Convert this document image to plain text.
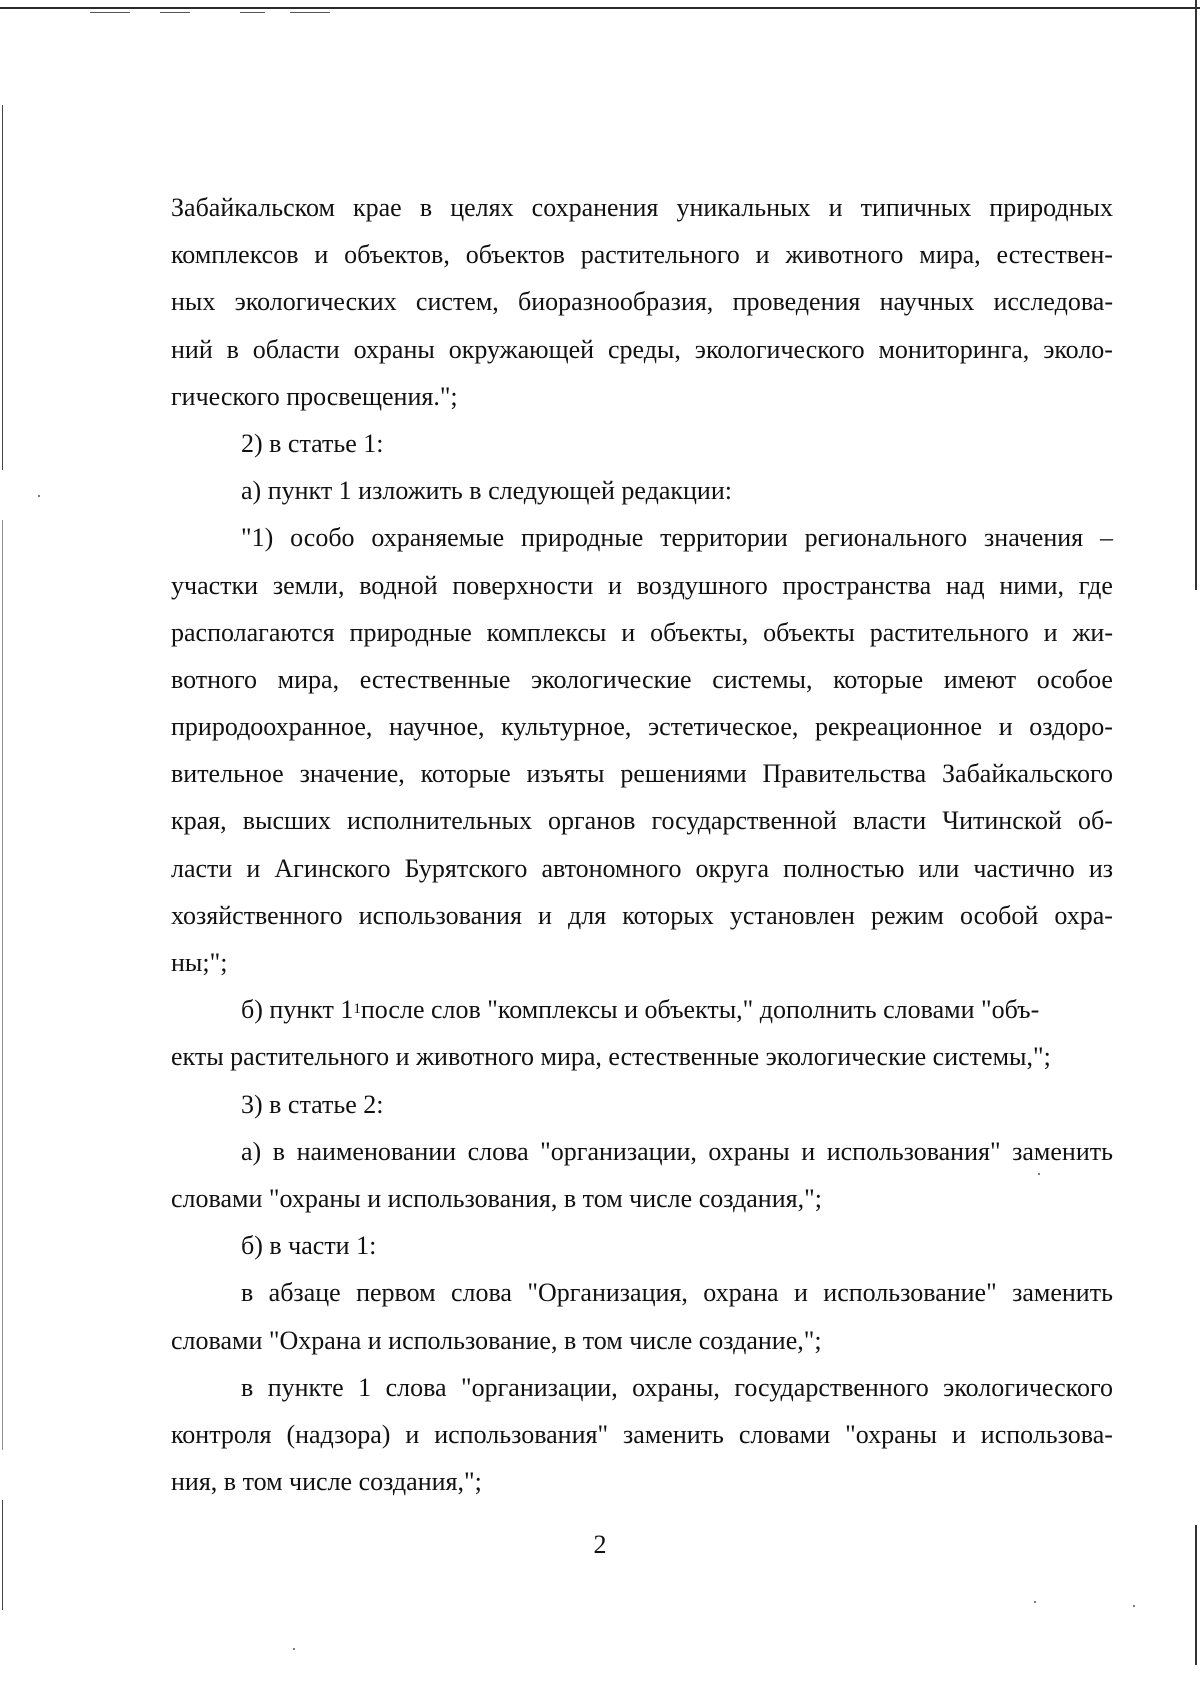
Забайкальском крае в целях сохранения уникальных и типичных природных
комплексов и объектов, объектов растительного и животного мира, естествен-
ных экологических систем, биоразнообразия, проведения научных исследова-
ний в области охраны окружающей среды, экологического мониторинга, эколо-
гического просвещения.";
2) в статье 1:
а) пункт 1 изложить в следующей редакции:
"1) особо охраняемые природные территории регионального значения –
участки земли, водной поверхности и воздушного пространства над ними, где
располагаются природные комплексы и объекты, объекты растительного и жи-
вотного мира, естественные экологические системы, которые имеют особое
природоохранное, научное, культурное, эстетическое, рекреационное и оздоро-
вительное значение, которые изъяты решениями Правительства Забайкальского
края, высших исполнительных органов государственной власти Читинской об-
ласти и Агинского Бурятского автономного округа полностью или частично из
хозяйственного использования и для которых установлен режим особой охра-
ны;";
б) пункт $1^1после$ слов "комплексы и объекты," дополнить словами "объ-
екты растительного и животного мира, естественные экологические системы,";
3) в статье 2:
а) в наименовании слова "организации, охраны и использования" заменить
словами "охраны и использования, в том числе создания,";
б) в части 1:
в абзаце первом слова "Организация, охрана и использование" заменить
словами "Охрана и использование, в том числе создание,";
в пункте 1 слова "организации, охраны, государственного экологического
контроля (надзора) и использования" заменить словами "охраны и использова-
ния, в том числе создания,";
2
